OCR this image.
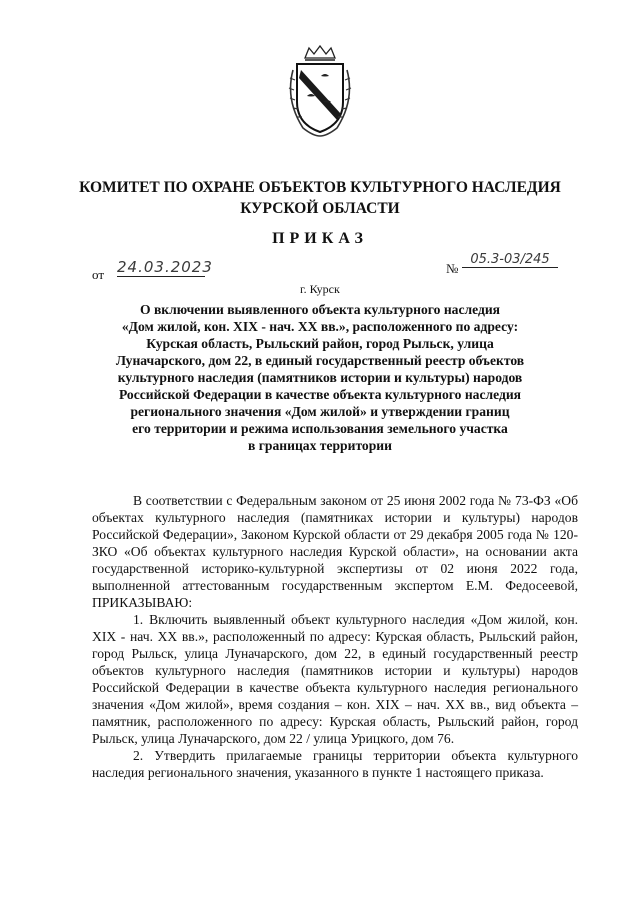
КОМИТЕТ ПО ОХРАНЕ ОБЪЕКТОВ КУЛЬТУРНОГО НАСЛЕДИЯ
КУРСКОЙ ОБЛАСТИ
ПРИКАЗ
от 24.03.2023	№
05.3-03/245
г. Курск
О включении выявленного объекта культурного наследия
«Дом жилой, кон. XIX - нач. XX вв.», расположенного по адресу:
Курская область, Рыльский район, город Рыльск, улица
Луначарского, дом 22, в единый государственный реестр объектов
культурного наследия (памятников истории и культуры) народов
Российской Федерации в качестве объекта культурного наследия
регионального значения «Дом жилой» и утверждении границ
его территории и режима использования земельного участка
в границах территории

В соответствии с Федеральным законом от 25 июня 2002 года № 73-ФЗ «Об объектах культурного наследия (памятниках истории и культуры) народов Российской Федерации», Законом Курской области от 29 декабря 2005 года № 120-ЗКО «Об объектах культурного наследия Курской области», на основании акта государственной историко-культурной экспертизы от 02 июня 2022 года, выполненной аттестованным государственным экспертом Е.М. Федосеевой, ПРИКАЗЫВАЮ:

1. Включить выявленный объект культурного наследия «Дом жилой, кон. XIX - нач. XX вв.», расположенный по адресу: Курская область, Рыльский район, город Рыльск, улица Луначарского, дом 22, в единый государственный реестр объектов культурного наследия (памятников истории и культуры) народов Российской Федерации в качестве объекта культурного наследия регионального значения «Дом жилой», время создания – кон. XIX – нач. XX вв., вид объекта – памятник, расположенного по адресу: Курская область, Рыльский район, город Рыльск, улица Луначарского, дом 22 / улица Урицкого, дом 76.

2. Утвердить прилагаемые границы территории объекта культурного наследия регионального значения, указанного в пункте 1 настоящего приказа.
